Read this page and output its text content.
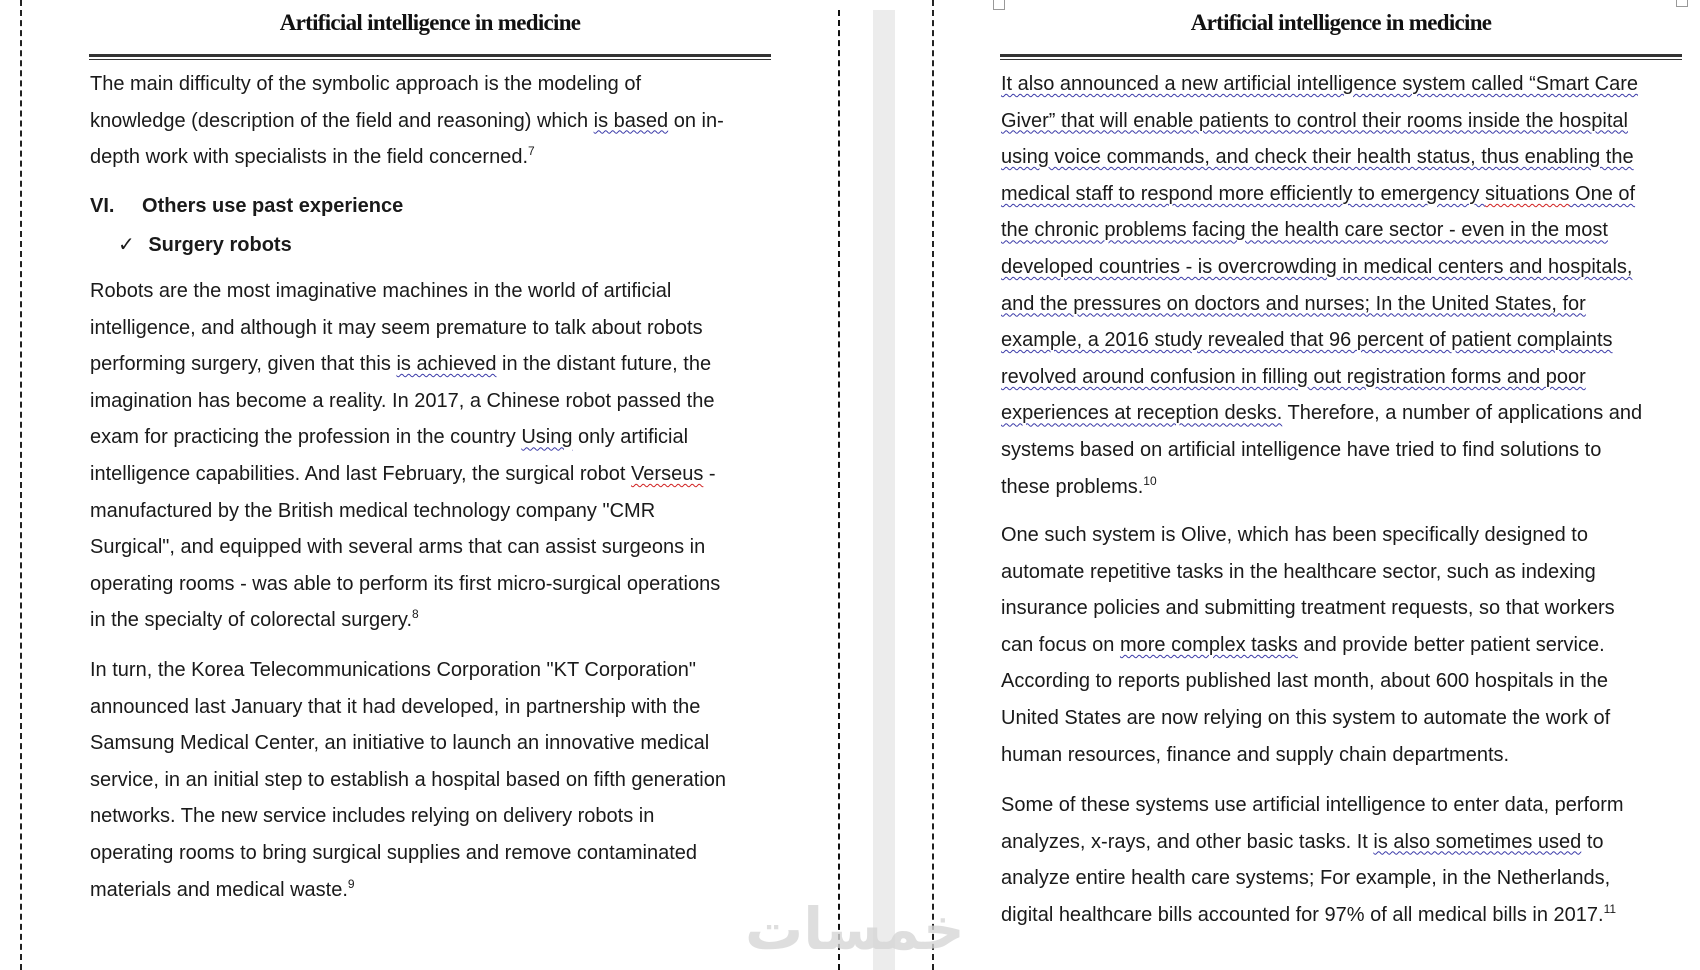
Artificial intelligence in medicine
The main difficulty of the symbolic approach is the modeling of
knowledge (description of the field and reasoning) which is based on in-
depth work with specialists in the field concerned.$^7$
VI. Others use past experience
✓ Surgery robots
Robots are the most imaginative machines in the world of artificial
intelligence, and although it may seem premature to talk about robots
performing surgery, given that this is achieved in the distant future, the
imagination has become a reality. In 2017, a Chinese robot passed the
exam for practicing the profession in the country Using only artificial
intelligence capabilities. And last February, the surgical robot Verseus -
manufactured by the British medical technology company "CMR
Surgical", and equipped with several arms that can assist surgeons in
operating rooms - was able to perform its first micro-surgical operations
in the specialty of colorectal surgery.$^8$
In turn, the Korea Telecommunications Corporation "KT Corporation"
announced last January that it had developed, in partnership with the
Samsung Medical Center, an initiative to launch an innovative medical
service, in an initial step to establish a hospital based on fifth generation
networks. The new service includes relying on delivery robots in
operating rooms to bring surgical supplies and remove contaminated
materials and medical waste.$^9$
Artificial intelligence in medicine
It also announced a new artificial intelligence system called “Smart Care
Giver” that will enable patients to control their rooms inside the hospital
using voice commands, and check their health status, thus enabling the
medical staff to respond more efficiently to emergency situations One of
the chronic problems facing the health care sector - even in the most
developed countries - is overcrowding in medical centers and hospitals,
and the pressures on doctors and nurses; In the United States, for
example, a 2016 study revealed that 96 percent of patient complaints
revolved around confusion in filling out registration forms and poor
experiences at reception desks. Therefore, a number of applications and
systems based on artificial intelligence have tried to find solutions to
these problems.$^{10}$
One such system is Olive, which has been specifically designed to
automate repetitive tasks in the healthcare sector, such as indexing
insurance policies and submitting treatment requests, so that workers
can focus on more complex tasks and provide better patient service.
According to reports published last month, about 600 hospitals in the
United States are now relying on this system to automate the work of
human resources, finance and supply chain departments.
Some of these systems use artificial intelligence to enter data, perform
analyzes, x-rays, and other basic tasks. It is also sometimes used to
analyze entire health care systems; For example, in the Netherlands,
digital healthcare bills accounted for 97% of all medical bills in 2017.11
خمسات
